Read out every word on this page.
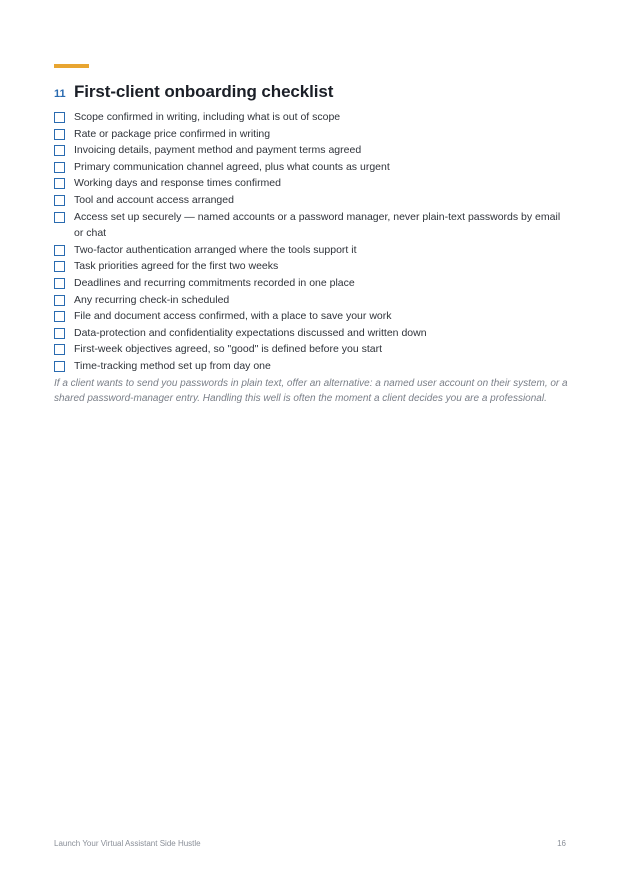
11 First-client onboarding checklist
Scope confirmed in writing, including what is out of scope
Rate or package price confirmed in writing
Invoicing details, payment method and payment terms agreed
Primary communication channel agreed, plus what counts as urgent
Working days and response times confirmed
Tool and account access arranged
Access set up securely — named accounts or a password manager, never plain-text passwords by email or chat
Two-factor authentication arranged where the tools support it
Task priorities agreed for the first two weeks
Deadlines and recurring commitments recorded in one place
Any recurring check-in scheduled
File and document access confirmed, with a place to save your work
Data-protection and confidentiality expectations discussed and written down
First-week objectives agreed, so "good" is defined before you start
Time-tracking method set up from day one

If a client wants to send you passwords in plain text, offer an alternative: a named user account on their system, or a shared password-manager entry. Handling this well is often the moment a client decides you are a professional.

Launch Your Virtual Assistant Side Hustle	16
